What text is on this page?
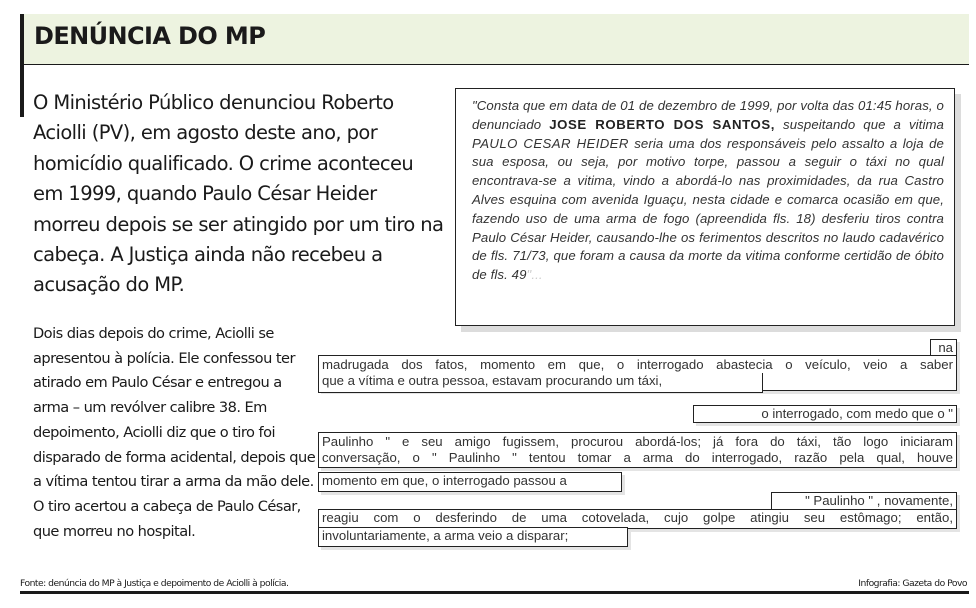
DENÚNCIA DO MP
O Ministério Público denunciou Roberto Aciolli (PV), em agosto deste ano, por homicídio qualificado. O crime aconteceu em 1999, quando Paulo César Heider morreu depois se ser atingido por um tiro na cabeça. A Justiça ainda não recebeu a acusação do MP.
Dois dias depois do crime, Aciolli se apresentou à polícia. Ele confessou ter atirado em Paulo César e entregou a arma – um revólver calibre 38. Em depoimento, Aciolli diz que o tiro foi disparado de forma acidental, depois que a vítima tentou tirar a arma da mão dele. O tiro acertou a cabeça de Paulo César, que morreu no hospital.
"Consta que em data de 01 de dezembro de 1999, por volta das 01:45 horas, o denunciado JOSE ROBERTO DOS SANTOS, suspeitando que a vitima PAULO CESAR HEIDER seria uma dos responsáveis pelo assalto a loja de sua esposa, ou seja, por motivo torpe, passou a seguir o táxi no qual encontrava-se a vitima, vindo a abordá-lo nas proximidades, da rua Castro Alves esquina com avenida Iguaçu, nesta cidade e comarca ocasião em que, fazendo uso de uma arma de fogo (apreendida fls. 18) desferiu tiros contra Paulo César Heider, causando-lhe os ferimentos descritos no laudo cadavérico de fls. 71/73, que foram a causa da morte da vitima conforme certidão de óbito de fls. 49"...
na
madrugada dos fatos, momento em que, o interrogado abastecia o veículo, veio a saber
que a vítima e outra pessoa, estavam procurando um táxi,
o interrogado, com medo que o "
Paulinho " e seu amigo fugissem, procurou abordá-los; já fora do táxi, tão logo iniciaram
conversação, o " Paulinho " tentou tomar a arma do interrogado, razão pela qual, houve
momento em que, o interrogado passou a
" Paulinho " , novamente,
reagiu com o desferindo de uma cotovelada, cujo golpe atingiu seu estômago; então,
involuntariamente, a arma veio a disparar;
Fonte: denúncia do MP à Justiça e depoimento de Aciolli à polícia.	Infografia: Gazeta do Povo
